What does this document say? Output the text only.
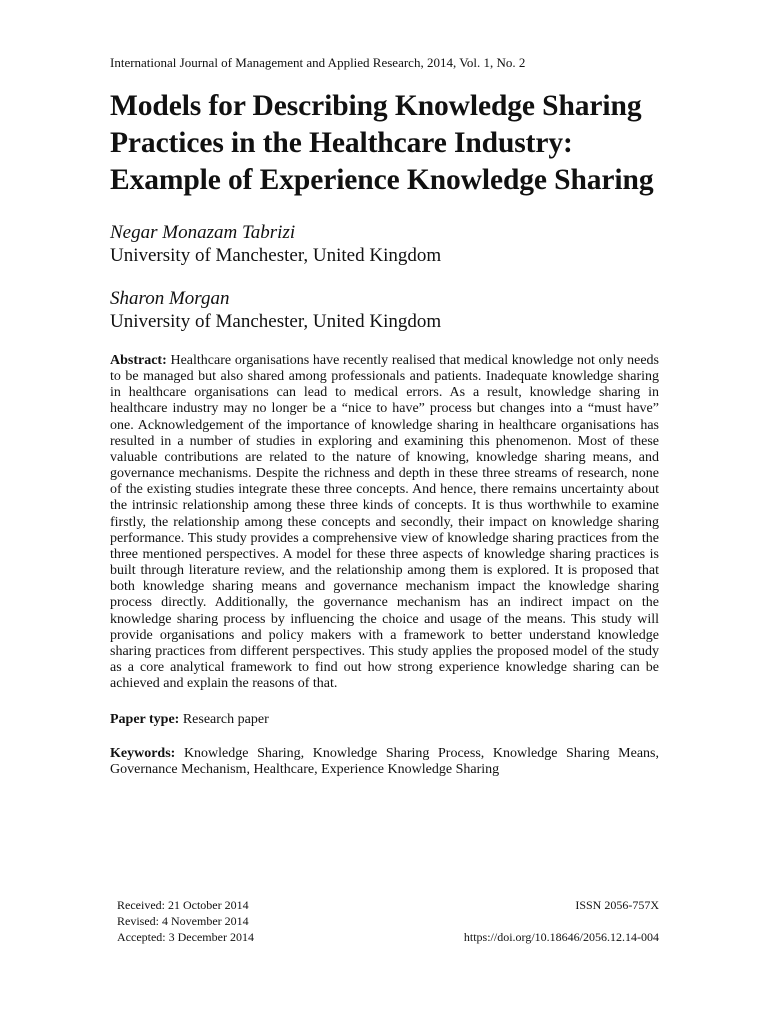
International Journal of Management and Applied Research, 2014, Vol. 1, No. 2

Models for Describing Knowledge Sharing Practices in the Healthcare Industry: Example of Experience Knowledge Sharing

Negar Monazam Tabrizi

University of Manchester, United Kingdom

Sharon Morgan

University of Manchester, United Kingdom

Abstract: Healthcare organisations have recently realised that medical knowledge not only needs to be managed but also shared among professionals and patients. Inadequate knowledge sharing in healthcare organisations can lead to medical errors. As a result, knowledge sharing in healthcare industry may no longer be a “nice to have” process but changes into a “must have” one. Acknowledgement of the importance of knowledge sharing in healthcare organisations has resulted in a number of studies in exploring and examining this phenomenon. Most of these valuable contributions are related to the nature of knowing, knowledge sharing means, and governance mechanisms. Despite the richness and depth in these three streams of research, none of the existing studies integrate these three concepts. And hence, there remains uncertainty about the intrinsic relationship among these three kinds of concepts. It is thus worthwhile to examine firstly, the relationship among these concepts and secondly, their impact on knowledge sharing performance. This study provides a comprehensive view of knowledge sharing practices from the three mentioned perspectives. A model for these three aspects of knowledge sharing practices is built through literature review, and the relationship among them is explored. It is proposed that both knowledge sharing means and governance mechanism impact the knowledge sharing process directly. Additionally, the governance mechanism has an indirect impact on the knowledge sharing process by influencing the choice and usage of the means. This study will provide organisations and policy makers with a framework to better understand knowledge sharing practices from different perspectives. This study applies the proposed model of the study as a core analytical framework to find out how strong experience knowledge sharing can be achieved and explain the reasons of that.

Paper type: Research paper

Keywords: Knowledge Sharing, Knowledge Sharing Process, Knowledge Sharing Means, Governance Mechanism, Healthcare, Experience Knowledge Sharing

Received: 21 October 2014	ISSN 2056-757X
Revised: 4 November 2014
Accepted: 3 December 2014	https://doi.org/10.18646/2056.12.14-004
